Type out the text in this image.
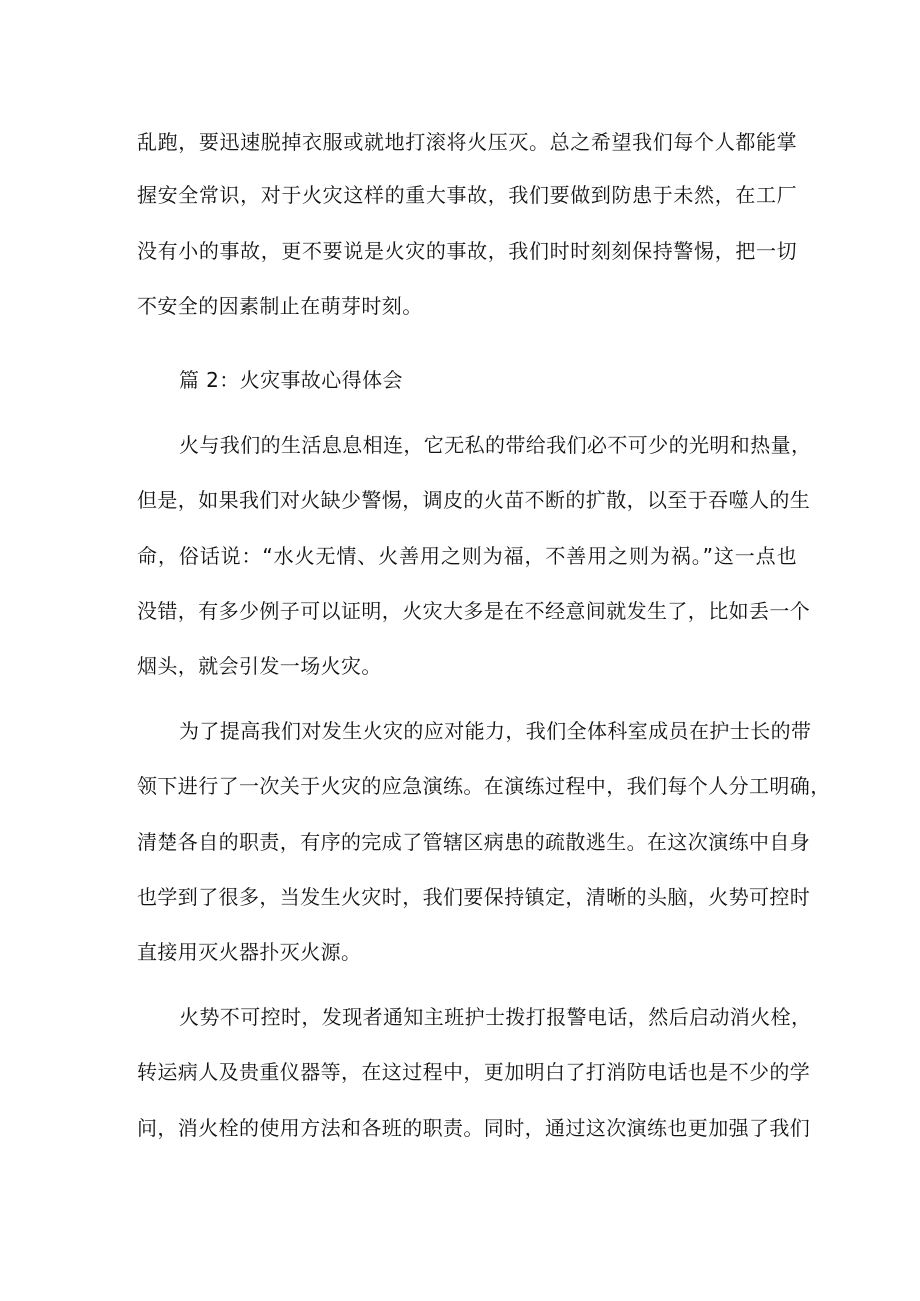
乱跑，要迅速脱掉衣服或就地打滚将火压灭。总之希望我们每个人都能掌
握安全常识，对于火灾这样的重大事故，我们要做到防患于未然，在工厂
没有小的事故，更不要说是火灾的事故，我们时时刻刻保持警惕，把一切
不安全的因素制止在萌芽时刻。
篇 2：火灾事故心得体会
火与我们的生活息息相连，它无私的带给我们必不可少的光明和热量，
但是，如果我们对火缺少警惕，调皮的火苗不断的扩散，以至于吞噬人的生
命，俗话说：“水火无情、火善用之则为福，不善用之则为祸。”这一点也
没错，有多少例子可以证明，火灾大多是在不经意间就发生了，比如丢一个
烟头，就会引发一场火灾。
为了提高我们对发生火灾的应对能力，我们全体科室成员在护士长的带
领下进行了一次关于火灾的应急演练。在演练过程中，我们每个人分工明确，
清楚各自的职责，有序的完成了管辖区病患的疏散逃生。在这次演练中自身
也学到了很多，当发生火灾时，我们要保持镇定，清晰的头脑，火势可控时
直接用灭火器扑灭火源。
火势不可控时，发现者通知主班护士拨打报警电话，然后启动消火栓，
转运病人及贵重仪器等，在这过程中，更加明白了打消防电话也是不少的学
问，消火栓的使用方法和各班的职责。同时，通过这次演练也更加强了我们
